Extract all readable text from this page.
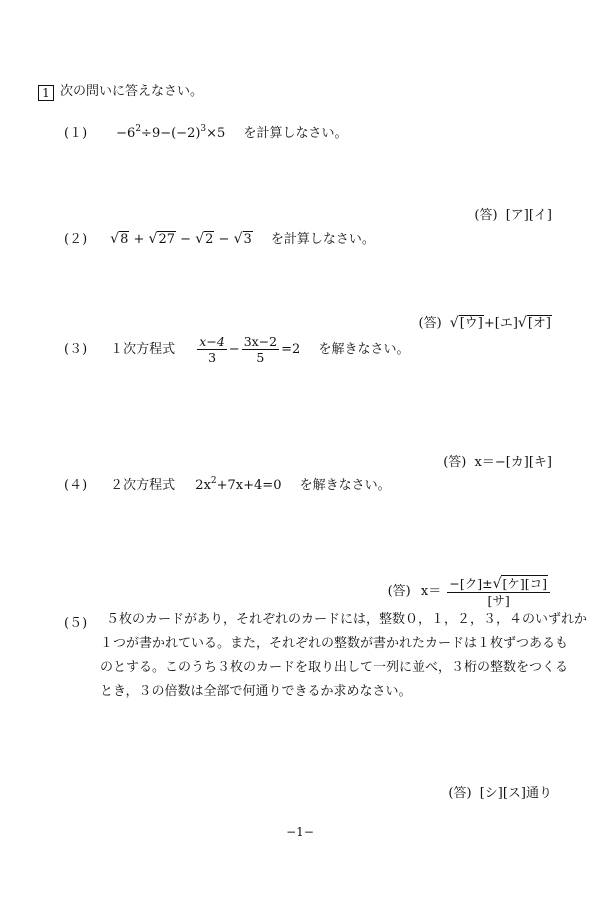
1 次の問いに答えなさい。
$(1) -6^2\div 9-(-2)^3\times 5$ を計算しなさい。
(答) [ア][イ]
(２) √8 + √27 − √2 − √3 を計算しなさい。
(答) √[ウ]+[エ]√[オ]
(３) １次方程式 $\frac{x-4}{3} - \frac{3x-2}{5} =2$ を解きなさい。
(答) x＝−[カ][キ]
(４) ２次方程式 $2x^2+7x+4=0$ を解きなさい。
(答) $x= \frac{\text{−[ク]±√[ケ][コ]}}{\text{[サ]}}$
(５)	５枚のカードがあり，それぞれのカードには，整数０，１，２，３，４のいずれか
１つが書かれている。また，それぞれの整数が書かれたカードは１枚ずつあるも
のとする。このうち３枚のカードを取り出して一列に並べ，３桁の整数をつくる
とき，３の倍数は全部で何通りできるか求めなさい。
(答) [シ][ス]通り
−1−
